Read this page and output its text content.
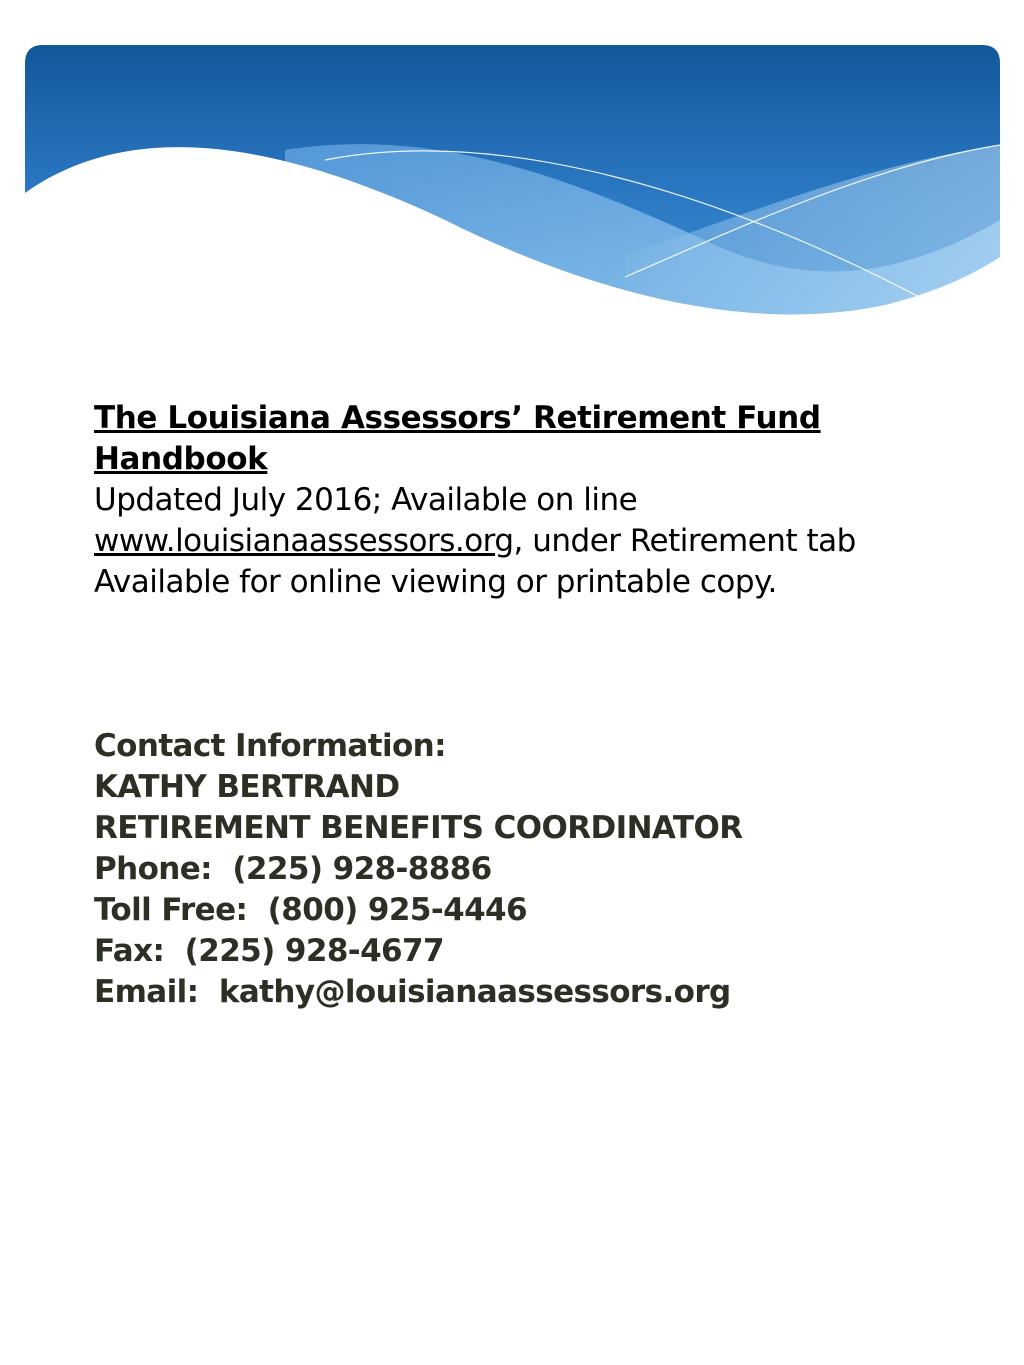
The Louisiana Assessors’ Retirement Fund Handbook
Updated July 2016; Available on line
www.louisianaassessors.org, under Retirement tab
Available for online viewing or printable copy.
Contact Information:
KATHY BERTRAND
RETIREMENT BENEFITS COORDINATOR
Phone:  (225) 928-8886
Toll Free:  (800) 925-4446
Fax:  (225) 928-4677
Email:  kathy@louisianaassessors.org
